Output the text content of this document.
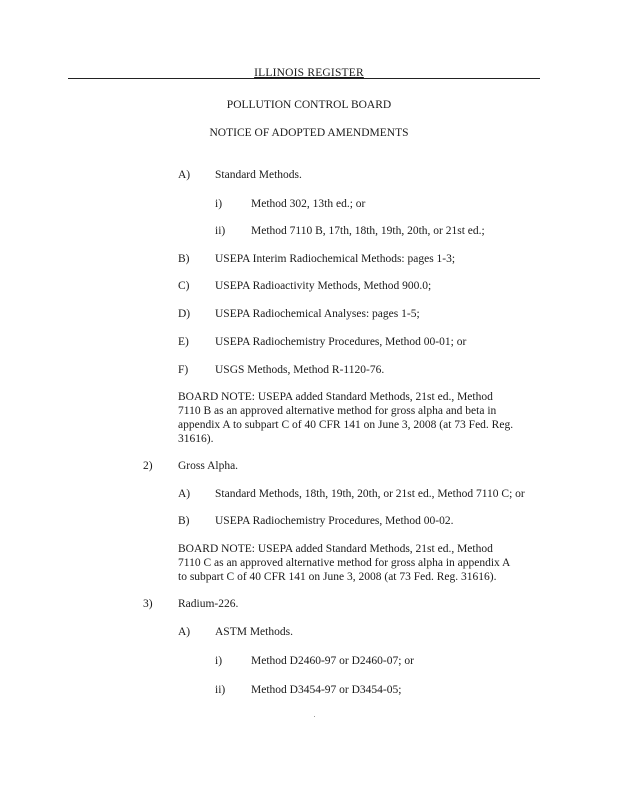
ILLINOIS REGISTER
POLLUTION CONTROL BOARD
NOTICE OF ADOPTED AMENDMENTS
A) Standard Methods.
i)	Method 302, 13th ed.; or
ii) Method 7110 B, 17th, 18th, 19th, 20th, or 21st ed.;
B) USEPA Interim Radiochemical Methods: pages 1-3;
C) USEPA Radioactivity Methods, Method 900.0;
D) USEPA Radiochemical Analyses: pages 1-5;
E) USEPA Radiochemistry Procedures, Method 00-01; or
F) USGS Methods, Method R-1120-76.
BOARD NOTE: USEPA added Standard Methods, 21st ed., Method
7110 B as an approved alternative method for gross alpha and beta in
appendix A to subpart C of 40 CFR 141 on June 3, 2008 (at 73 Fed. Reg.
31616).
2) Gross Alpha.
A) Standard Methods, 18th, 19th, 20th, or 21st ed., Method 7110 C; or
B) USEPA Radiochemistry Procedures, Method 00-02.
BOARD NOTE: USEPA added Standard Methods, 21st ed., Method
7110 C as an approved alternative method for gross alpha in appendix A
to subpart C of 40 CFR 141 on June 3, 2008 (at 73 Fed. Reg. 31616).
3) Radium-226.
A) ASTM Methods.
i)	Method D2460-97 or D2460-07; or
ii) Method D3454-97 or D3454-05;
